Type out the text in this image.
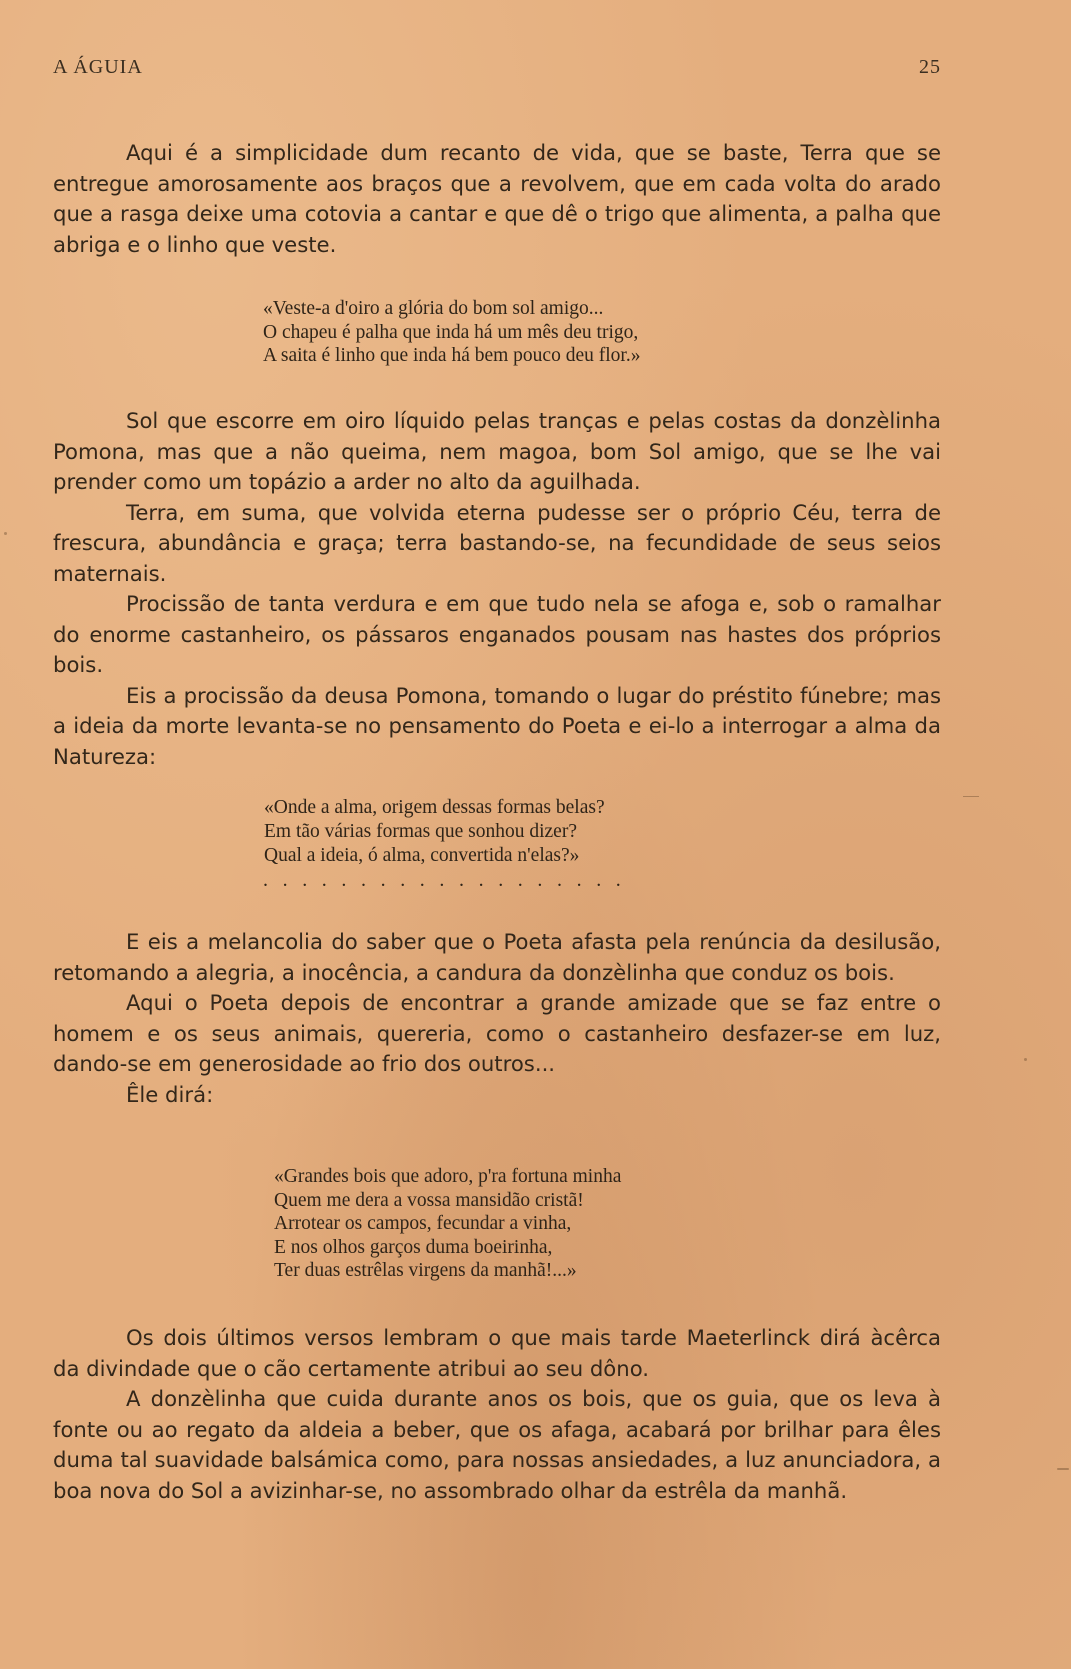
A ÁGUIA	25

Aqui é a simplicidade dum recanto de vida, que se baste, Terra que se entregue amorosamente aos braços que a revolvem, que em cada volta do arado que a rasga deixe uma cotovia a cantar e que dê o trigo que alimenta, a palha que abriga e o linho que veste.

«Veste-a d'oiro a glória do bom sol amigo...
O chapeu é palha que inda há um mês deu trigo,
A saita é linho que inda há bem pouco deu flor.»

Sol que escorre em oiro líquido pelas tranças e pelas costas da donzèlinha Pomona, mas que a não queima, nem magoa, bom Sol amigo, que se lhe vai prender como um topázio a arder no alto da aguilhada.

Terra, em suma, que volvida eterna pudesse ser o próprio Céu, terra de frescura, abundância e graça; terra bastando-se, na fecundidade de seus seios maternais.

Procissão de tanta verdura e em que tudo nela se afoga e, sob o ramalhar do enorme castanheiro, os pássaros enganados pousam nas hastes dos próprios bois.

Eis a procissão da deusa Pomona, tomando o lugar do préstito fúnebre; mas a ideia da morte levanta-se no pensamento do Poeta e ei-lo a interrogar a alma da Natureza:

«Onde a alma, origem dessas formas belas?
Em tão várias formas que sonhou dizer?
Qual a ideia, ó alma, convertida n'elas?»
...................

E eis a melancolia do saber que o Poeta afasta pela renúncia da desilusão, retomando a alegria, a inocência, a candura da donzèlinha que conduz os bois.

Aqui o Poeta depois de encontrar a grande amizade que se faz entre o homem e os seus animais, quereria, como o castanheiro desfazer-se em luz, dando-se em generosidade ao frio dos outros...

Êle dirá:

«Grandes bois que adoro, p'ra fortuna minha
Quem me dera a vossa mansidão cristã!
Arrotear os campos, fecundar a vinha,
E nos olhos garços duma boeirinha,
Ter duas estrêlas virgens da manhã!...»

Os dois últimos versos lembram o que mais tarde Maeterlinck dirá àcêrca da divindade que o cão certamente atribui ao seu dôno.

A donzèlinha que cuida durante anos os bois, que os guia, que os leva à fonte ou ao regato da aldeia a beber, que os afaga, acabará por brilhar para êles duma tal suavidade balsámica como, para nossas ansiedades, a luz anunciadora, a boa nova do Sol a avizinhar-se, no assombrado olhar da estrêla da manhã.
